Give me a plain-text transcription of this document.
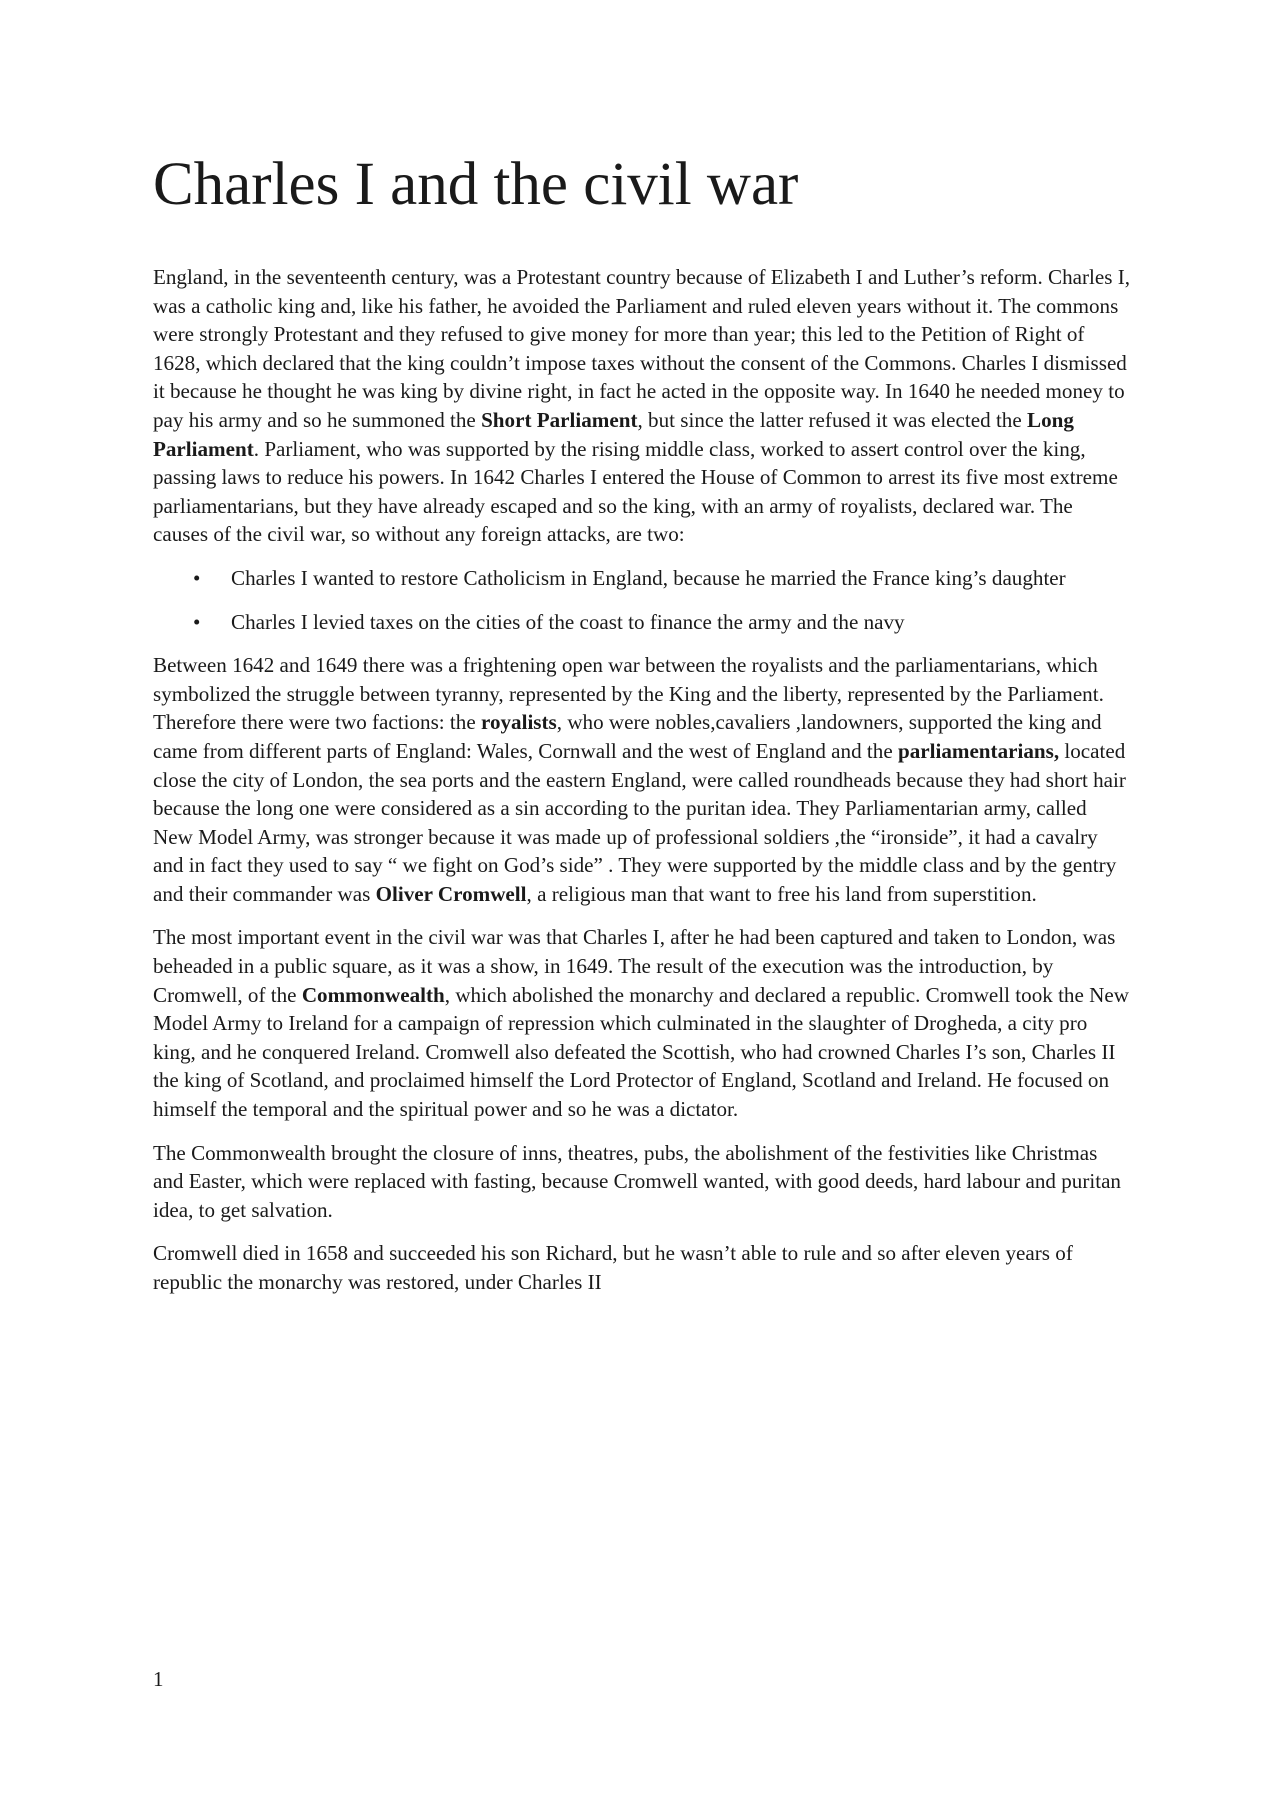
Charles I and the civil war

England, in the seventeenth century, was a Protestant country because of Elizabeth I and Luther’s reform. Charles I, was a catholic king and, like his father, he avoided the Parliament and ruled eleven years without it. The commons were strongly Protestant and they refused to give money for more than year; this led to the Petition of Right of 1628, which declared that the king couldn’t impose taxes without the consent of the Commons. Charles I dismissed it because he thought he was king by divine right, in fact he acted in the opposite way. In 1640 he needed money to pay his army and so he summoned the Short Parliament, but since the latter refused it was elected the Long Parliament. Parliament, who was supported by the rising middle class, worked to assert control over the king, passing laws to reduce his powers. In 1642 Charles I entered the House of Common to arrest its five most extreme parliamentarians, but they have already escaped and so the king, with an army of royalists, declared war. The causes of the civil war, so without any foreign attacks, are two:

• Charles I wanted to restore Catholicism in England, because he married the France king’s daughter
• Charles I levied taxes on the cities of the coast to finance the army and the navy

Between 1642 and 1649 there was a frightening open war between the royalists and the parliamentarians, which symbolized the struggle between tyranny, represented by the King and the liberty, represented by the Parliament. Therefore there were two factions: the royalists, who were nobles,cavaliers ,landowners, supported the king and came from different parts of England: Wales, Cornwall and the west of England and the parliamentarians, located close the city of London, the sea ports and the eastern England, were called roundheads because they had short hair because the long one were considered as a sin according to the puritan idea. They Parliamentarian army, called New Model Army, was stronger because it was made up of professional soldiers ,the “ironside”, it had a cavalry and in fact they used to say “ we fight on God’s side” . They were supported by the middle class and by the gentry and their commander was Oliver Cromwell, a religious man that want to free his land from superstition.

The most important event in the civil war was that Charles I, after he had been captured and taken to London, was beheaded in a public square, as it was a show, in 1649. The result of the execution was the introduction, by Cromwell, of the Commonwealth, which abolished the monarchy and declared a republic. Cromwell took the New Model Army to Ireland for a campaign of repression which culminated in the slaughter of Drogheda, a city pro king, and he conquered Ireland. Cromwell also defeated the Scottish, who had crowned Charles I’s son, Charles II the king of Scotland, and proclaimed himself the Lord Protector of England, Scotland and Ireland. He focused on himself the temporal and the spiritual power and so he was a dictator.

The Commonwealth brought the closure of inns, theatres, pubs, the abolishment of the festivities like Christmas and Easter, which were replaced with fasting, because Cromwell wanted, with good deeds, hard labour and puritan idea, to get salvation.

Cromwell died in 1658 and succeeded his son Richard, but he wasn’t able to rule and so after eleven years of republic the monarchy was restored, under Charles II

1
